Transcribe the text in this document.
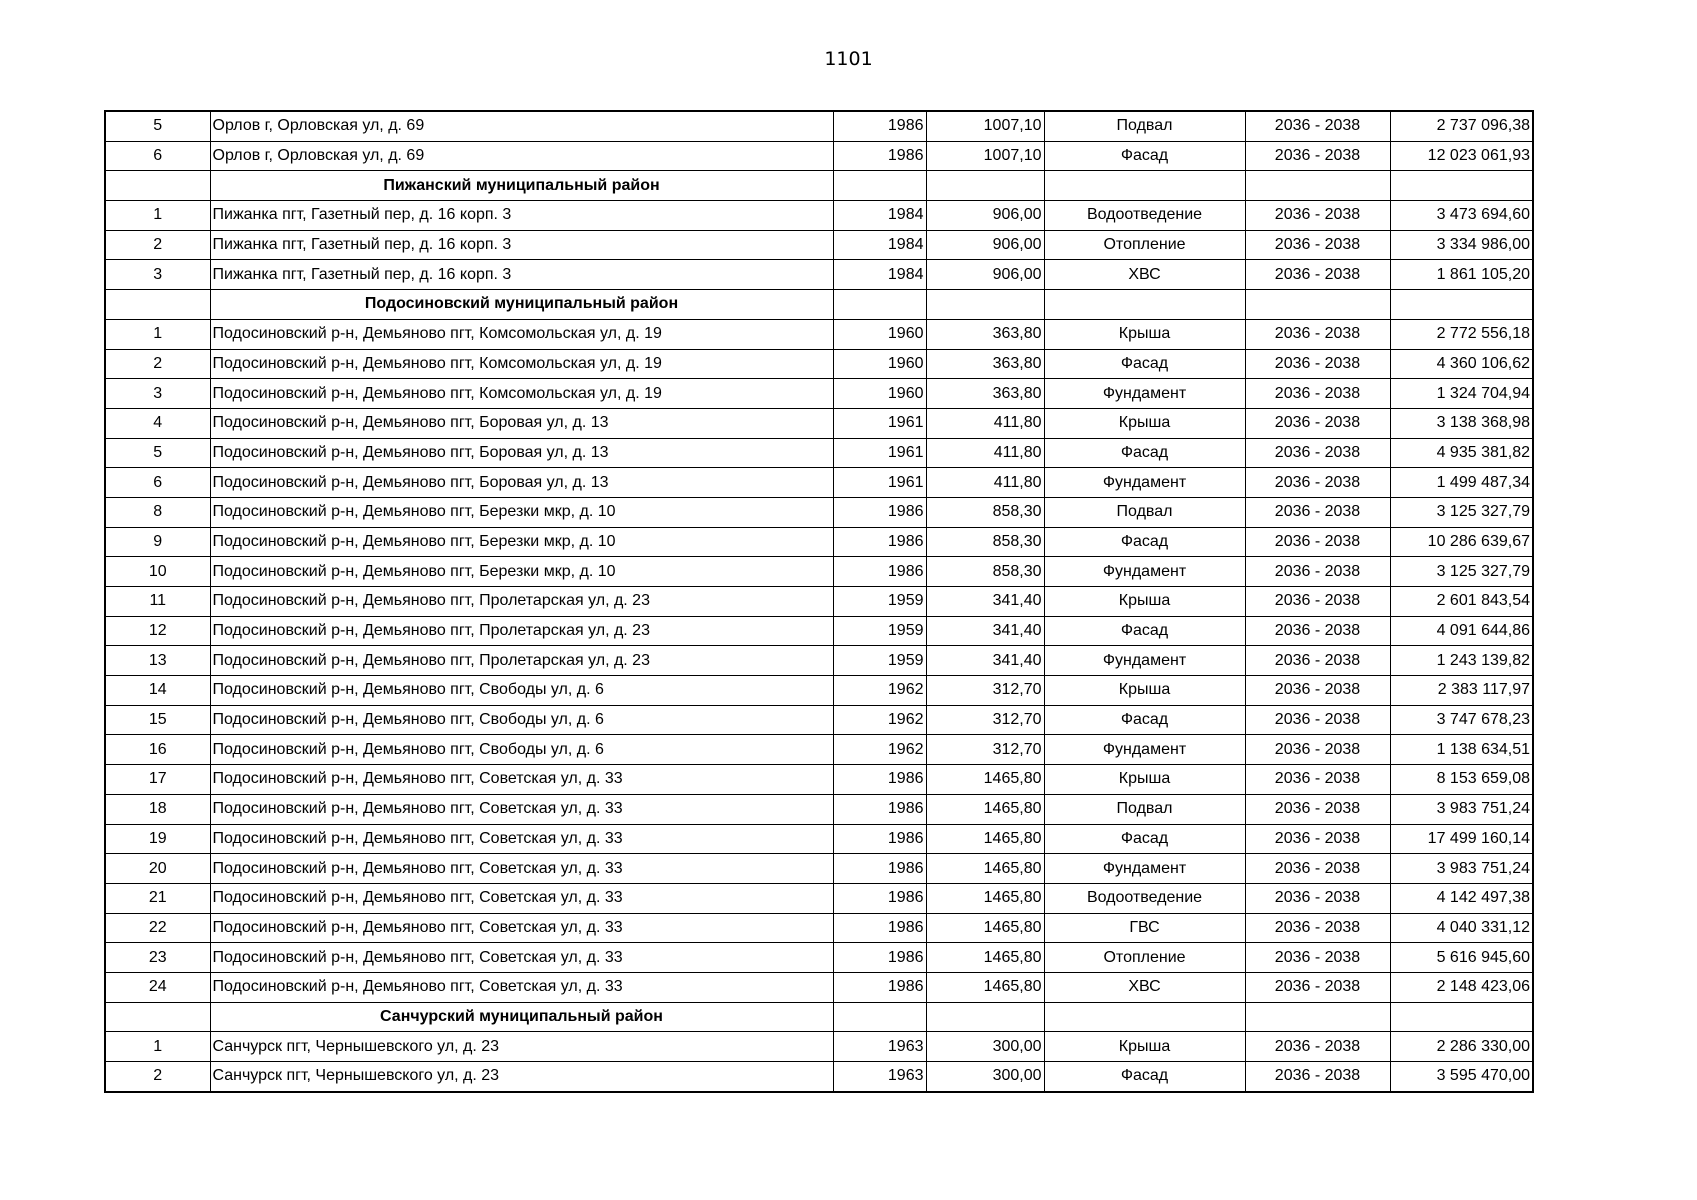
1101
5	Орлов г, Орловская ул, д. 69	1986	1007,10	Подвал	2036 - 2038	2 737 096,38
6	Орлов г, Орловская ул, д. 69	1986	1007,10	Фасад	2036 - 2038	12 023 061,93
	Пижанский муниципальный район					
1	Пижанка пгт, Газетный пер, д. 16 корп. 3	1984	906,00	Водоотведение	2036 - 2038	3 473 694,60
2	Пижанка пгт, Газетный пер, д. 16 корп. 3	1984	906,00	Отопление	2036 - 2038	3 334 986,00
3	Пижанка пгт, Газетный пер, д. 16 корп. 3	1984	906,00	ХВС	2036 - 2038	1 861 105,20
	Подосиновский муниципальный район					
1	Подосиновский р-н, Демьяново пгт, Комсомольская ул, д. 19	1960	363,80	Крыша	2036 - 2038	2 772 556,18
2	Подосиновский р-н, Демьяново пгт, Комсомольская ул, д. 19	1960	363,80	Фасад	2036 - 2038	4 360 106,62
3	Подосиновский р-н, Демьяново пгт, Комсомольская ул, д. 19	1960	363,80	Фундамент	2036 - 2038	1 324 704,94
4	Подосиновский р-н, Демьяново пгт, Боровая ул, д. 13	1961	411,80	Крыша	2036 - 2038	3 138 368,98
5	Подосиновский р-н, Демьяново пгт, Боровая ул, д. 13	1961	411,80	Фасад	2036 - 2038	4 935 381,82
6	Подосиновский р-н, Демьяново пгт, Боровая ул, д. 13	1961	411,80	Фундамент	2036 - 2038	1 499 487,34
8	Подосиновский р-н, Демьяново пгт, Березки мкр, д. 10	1986	858,30	Подвал	2036 - 2038	3 125 327,79
9	Подосиновский р-н, Демьяново пгт, Березки мкр, д. 10	1986	858,30	Фасад	2036 - 2038	10 286 639,67
10	Подосиновский р-н, Демьяново пгт, Березки мкр, д. 10	1986	858,30	Фундамент	2036 - 2038	3 125 327,79
11	Подосиновский р-н, Демьяново пгт, Пролетарская ул, д. 23	1959	341,40	Крыша	2036 - 2038	2 601 843,54
12	Подосиновский р-н, Демьяново пгт, Пролетарская ул, д. 23	1959	341,40	Фасад	2036 - 2038	4 091 644,86
13	Подосиновский р-н, Демьяново пгт, Пролетарская ул, д. 23	1959	341,40	Фундамент	2036 - 2038	1 243 139,82
14	Подосиновский р-н, Демьяново пгт, Свободы ул, д. 6	1962	312,70	Крыша	2036 - 2038	2 383 117,97
15	Подосиновский р-н, Демьяново пгт, Свободы ул, д. 6	1962	312,70	Фасад	2036 - 2038	3 747 678,23
16	Подосиновский р-н, Демьяново пгт, Свободы ул, д. 6	1962	312,70	Фундамент	2036 - 2038	1 138 634,51
17	Подосиновский р-н, Демьяново пгт, Советская ул, д. 33	1986	1465,80	Крыша	2036 - 2038	8 153 659,08
18	Подосиновский р-н, Демьяново пгт, Советская ул, д. 33	1986	1465,80	Подвал	2036 - 2038	3 983 751,24
19	Подосиновский р-н, Демьяново пгт, Советская ул, д. 33	1986	1465,80	Фасад	2036 - 2038	17 499 160,14
20	Подосиновский р-н, Демьяново пгт, Советская ул, д. 33	1986	1465,80	Фундамент	2036 - 2038	3 983 751,24
21	Подосиновский р-н, Демьяново пгт, Советская ул, д. 33	1986	1465,80	Водоотведение	2036 - 2038	4 142 497,38
22	Подосиновский р-н, Демьяново пгт, Советская ул, д. 33	1986	1465,80	ГВС	2036 - 2038	4 040 331,12
23	Подосиновский р-н, Демьяново пгт, Советская ул, д. 33	1986	1465,80	Отопление	2036 - 2038	5 616 945,60
24	Подосиновский р-н, Демьяново пгт, Советская ул, д. 33	1986	1465,80	ХВС	2036 - 2038	2 148 423,06
	Санчурский муниципальный район					
1	Санчурск пгт, Чернышевского ул, д. 23	1963	300,00	Крыша	2036 - 2038	2 286 330,00
2	Санчурск пгт, Чернышевского ул, д. 23	1963	300,00	Фасад	2036 - 2038	3 595 470,00
